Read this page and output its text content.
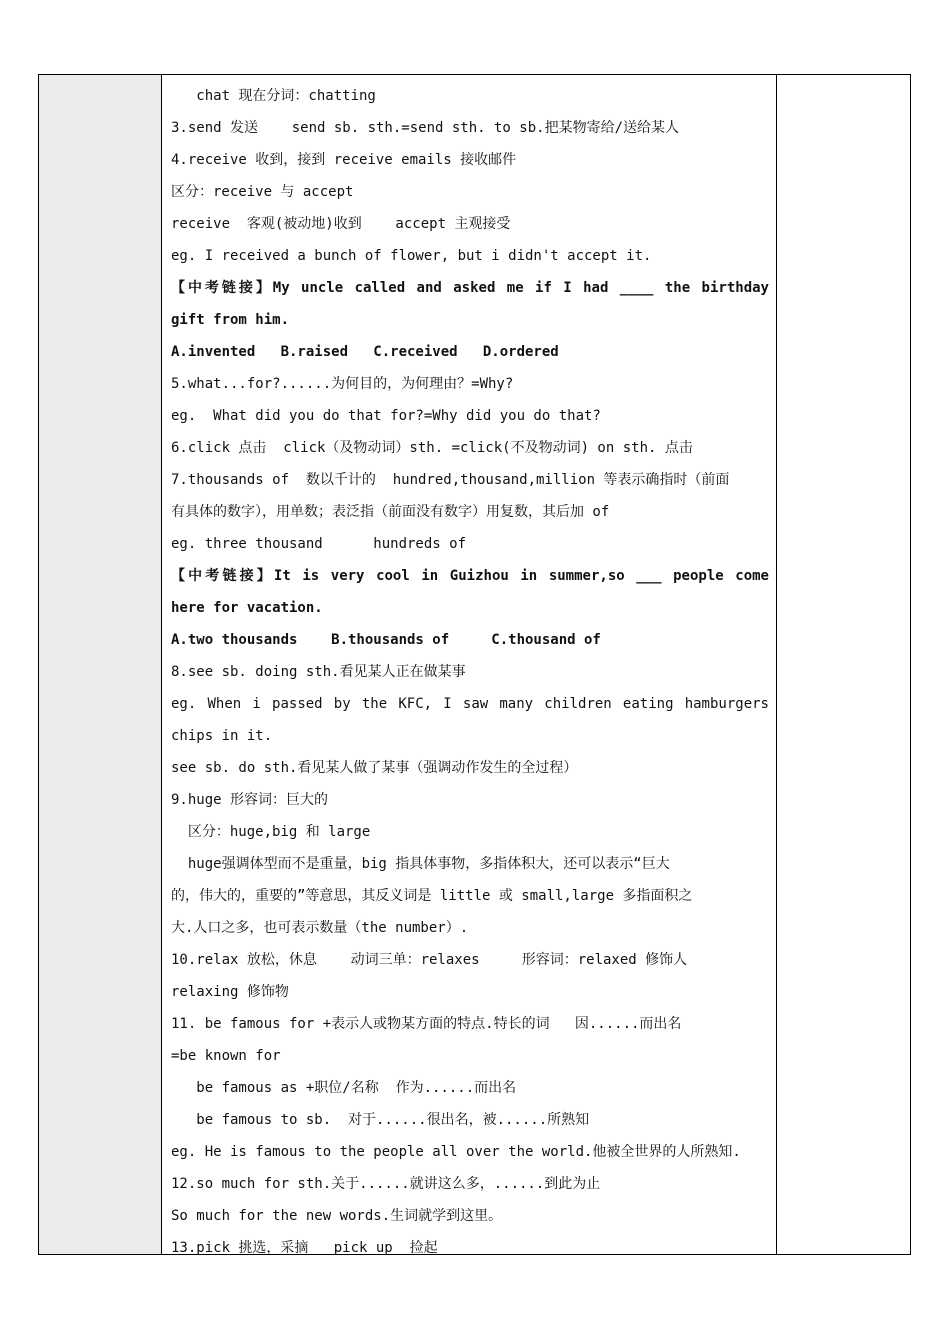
chat 现在分词：chatting
3.send 发送    send sb. sth.=send sth. to sb.把某物寄给/送给某人
4.receive 收到，接到 receive emails 接收邮件
区分：receive 与 accept
receive  客观(被动地)收到    accept 主观接受
eg. I received a bunch of flower, but i didn't accept it.
【中考链接】My uncle called and asked me if I had ____ the birthday
gift from him.
A.invented   B.raised   C.received   D.ordered
5.what...for?......为何目的，为何理由？=Why?
eg.  What did you do that for?=Why did you do that?
6.click 点击  click（及物动词）sth. =click(不及物动词) on sth. 点击
7.thousands of  数以千计的  hundred,thousand,million 等表示确指时（前面
有具体的数字），用单数；表泛指（前面没有数字）用复数，其后加 of
eg. three thousand      hundreds of
【中考链接】It is very cool in Guizhou in summer,so ___ people come
here for vacation.
A.two thousands    B.thousands of     C.thousand of
8.see sb. doing sth.看见某人正在做某事
eg. When i passed by the KFC, I saw many children eating hamburgers
chips in it.
see sb. do sth.看见某人做了某事（强调动作发生的全过程）
9.huge 形容词：巨大的
区分：huge,big 和 large
huge强调体型而不是重量，big 指具体事物，多指体积大，还可以表示“巨大
的，伟大的，重要的”等意思，其反义词是 little 或 small,large 多指面积之
大.人口之多，也可表示数量（the number）.
10.relax 放松，休息    动词三单：relaxes     形容词：relaxed 修饰人
relaxing 修饰物
11. be famous for +表示人或物某方面的特点.特长的词   因......而出名
=be known for
be famous as +职位/名称  作为......而出名
be famous to sb.  对于......很出名，被......所熟知
eg. He is famous to the people all over the world.他被全世界的人所熟知.
12.so much for sth.关于......就讲这么多，......到此为止
So much for the new words.生词就学到这里。
13.pick 挑选，采摘   pick up  捡起
